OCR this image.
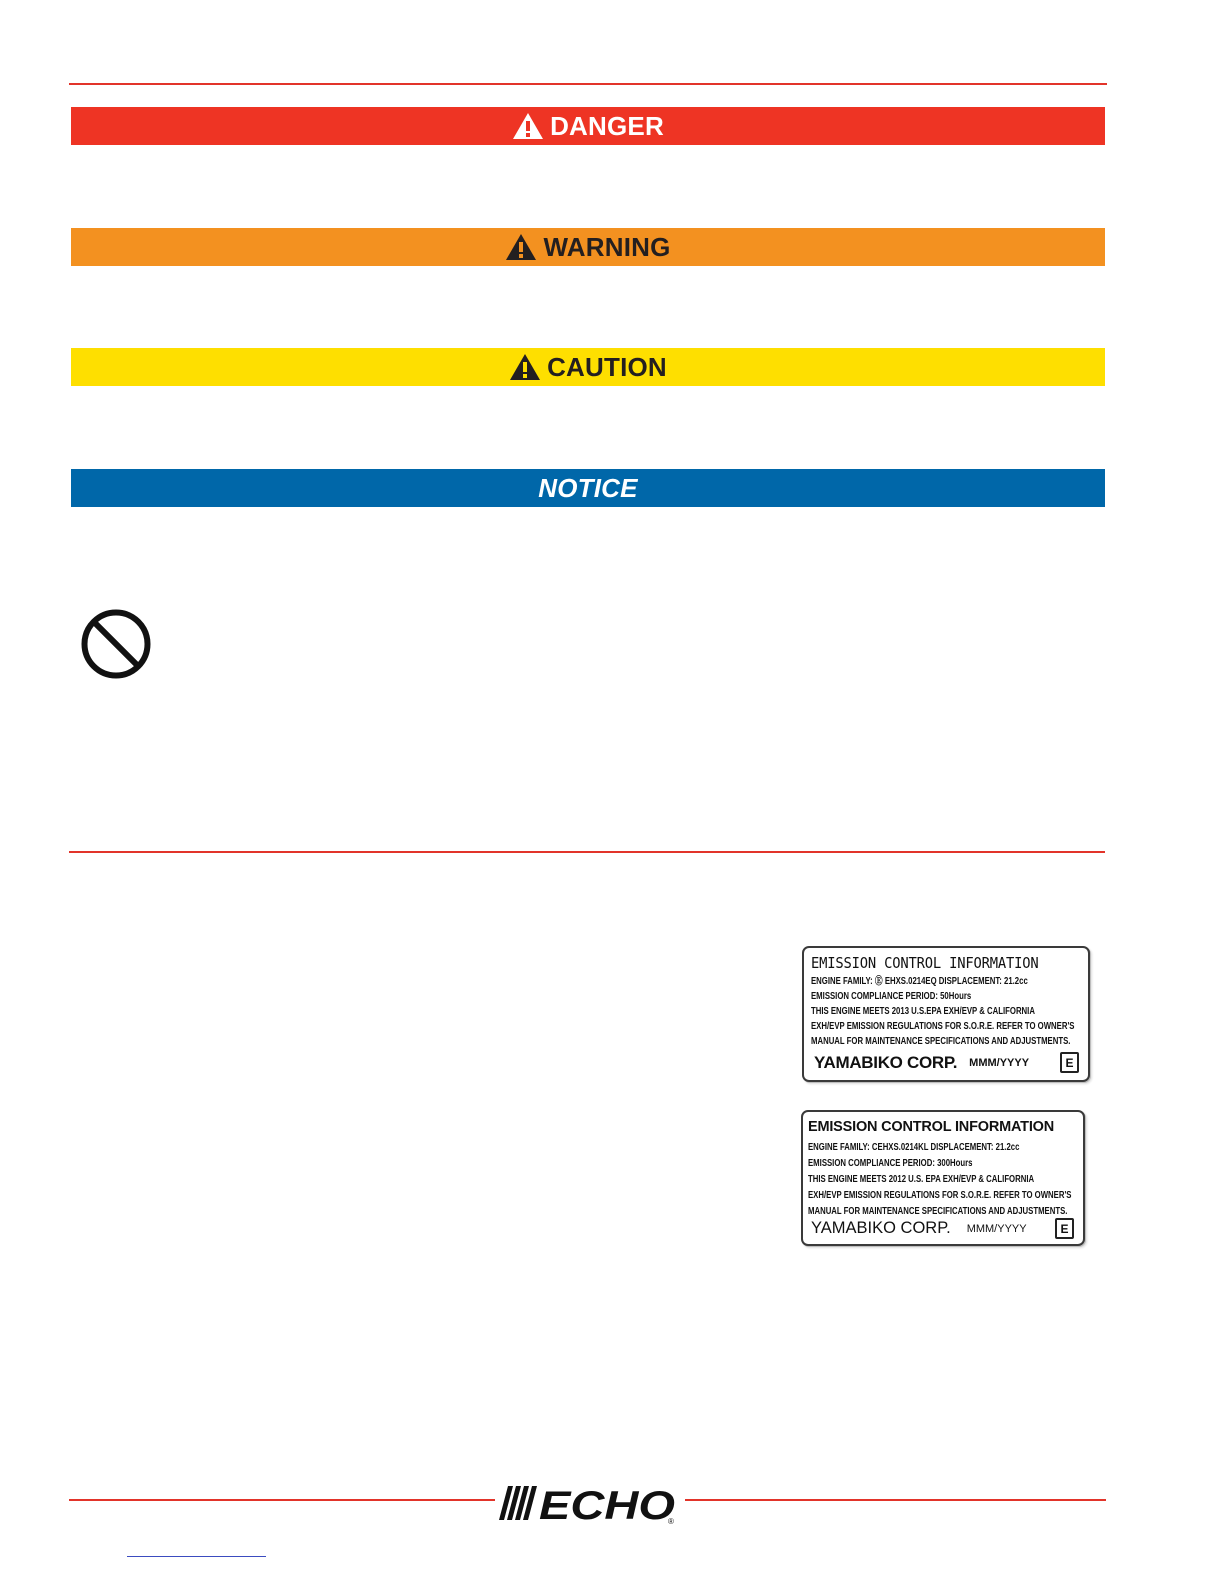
DANGER
WARNING
CAUTION
NOTICE
EMISSION CONTROL INFORMATION
ENGINE FAMILY: Ⓔ EHXS.0214EQ DISPLACEMENT: 21.2cc
EMISSION COMPLIANCE PERIOD: 50Hours
THIS ENGINE MEETS 2013 U.S.EPA EXH/EVP & CALIFORNIA
EXH/EVP EMISSION REGULATIONS FOR S.O.R.E. REFER TO OWNER'S
MANUAL FOR MAINTENANCE SPECIFICATIONS AND ADJUSTMENTS.
YAMABIKO CORP. MMM/YYYY	E
EMISSION CONTROL INFORMATION
ENGINE FAMILY: CEHXS.0214KL DISPLACEMENT: 21.2cc
EMISSION COMPLIANCE PERIOD: 300Hours
THIS ENGINE MEETS 2012 U.S. EPA EXH/EVP & CALIFORNIA
EXH/EVP EMISSION REGULATIONS FOR S.O.R.E. REFER TO OWNER'S
MANUAL FOR MAINTENANCE SPECIFICATIONS AND ADJUSTMENTS.
YAMABIKO CORP. MMM/YYYY	E
ECHO
®
